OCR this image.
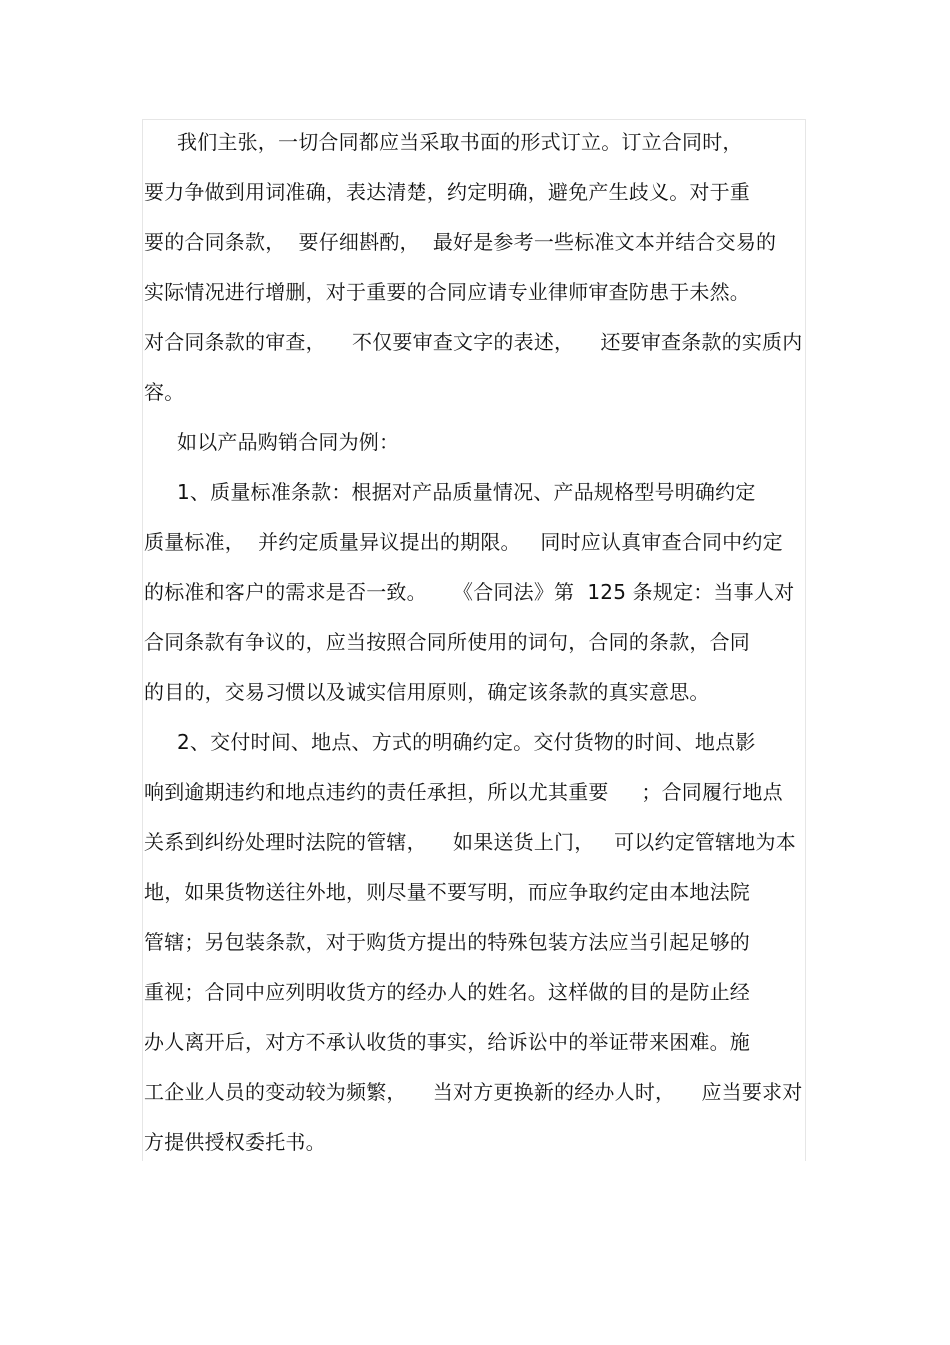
我们主张，一切合同都应当采取书面的形式订立。订立合同时，
要力争做到用词准确，表达清楚，约定明确，避免产生歧义。对于重
要的合同条款，  要仔细斟酌，  最好是参考一些标准文本并结合交易的
实际情况进行增删，对于重要的合同应请专业律师审查防患于未然。
对合同条款的审查，    不仅要审查文字的表述，    还要审查条款的实质内
容。
如以产品购销合同为例：
1、质量标准条款：根据对产品质量情况、产品规格型号明确约定
质量标准，  并约定质量异议提出的期限。   同时应认真审查合同中约定
的标准和客户的需求是否一致。    《合同法》第  125 条规定：当事人对
合同条款有争议的，应当按照合同所使用的词句，合同的条款，合同
的目的，交易习惯以及诚实信用原则，确定该条款的真实意思。
2、交付时间、地点、方式的明确约定。交付货物的时间、地点影
响到逾期违约和地点违约的责任承担，所以尤其重要     ；合同履行地点
关系到纠纷处理时法院的管辖，    如果送货上门，   可以约定管辖地为本
地，如果货物送往外地，则尽量不要写明，而应争取约定由本地法院
管辖；另包装条款，对于购货方提出的特殊包装方法应当引起足够的
重视；合同中应列明收货方的经办人的姓名。这样做的目的是防止经
办人离开后，对方不承认收货的事实，给诉讼中的举证带来困难。施
工企业人员的变动较为频繁，    当对方更换新的经办人时，    应当要求对
方提供授权委托书。
